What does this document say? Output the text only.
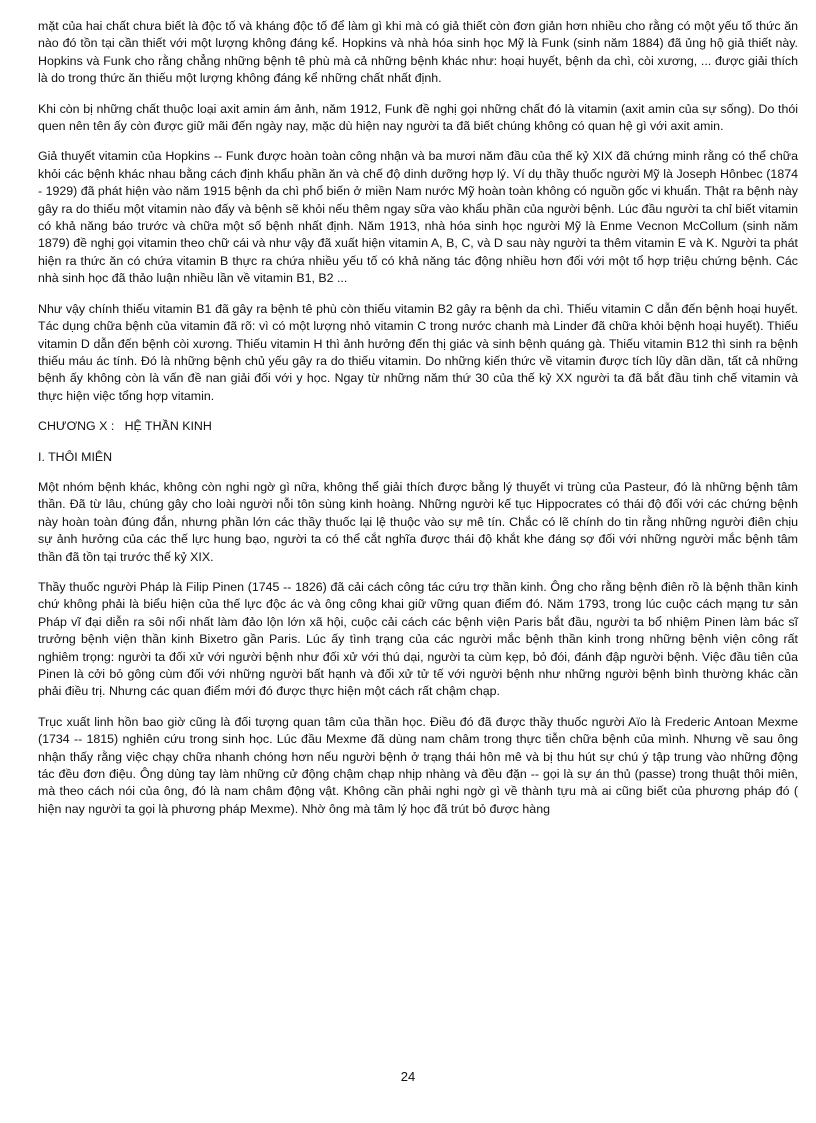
mặt của hai chất chưa biết là độc tố và kháng độc tố để làm gì khi mà có giả thiết còn đơn giản hơn nhiều cho rằng có một yếu tố thức ăn nào đó tồn tại cần thiết với một lượng không đáng kể. Hopkins và nhà hóa sinh học Mỹ là Funk (sinh năm 1884) đã ủng hộ giả thiết này. Hopkins và Funk cho rằng chẳng những bệnh tê phù mà cả những bệnh khác như: hoại huyết, bệnh da chì, còi xương, ... được giải thích là do trong thức ăn thiếu một lượng không đáng kể những chất nhất định.

Khi còn bị những chất thuộc loại axit amin ám ảnh, năm 1912, Funk đề nghị gọi những chất đó là vitamin (axit amin của sự sống). Do thói quen nên tên ấy còn được giữ mãi đến ngày nay, mặc dù hiện nay người ta đã biết chúng không có quan hệ gì với axit amin.

Giả thuyết vitamin của Hopkins -- Funk được hoàn toàn công nhận và ba mươi năm đầu của thế kỷ XIX đã chứng minh rằng có thể chữa khỏi các bệnh khác nhau bằng cách định khẩu phần ăn và chế độ dinh dưỡng hợp lý. Ví dụ thầy thuốc người Mỹ là Joseph Hônbec (1874 - 1929) đã phát hiện vào năm 1915 bệnh da chì phổ biến ở miền Nam nước Mỹ hoàn toàn không có nguồn gốc vi khuẩn. Thật ra bệnh này gây ra do thiếu một vitamin nào đấy và bệnh sẽ khỏi nếu thêm ngay sữa vào khẩu phần của người bệnh. Lúc đầu người ta chỉ biết vitamin có khả năng báo trước và chữa một số bệnh nhất định. Năm 1913, nhà hóa sinh học người Mỹ là Enme Vecnon McCollum (sinh năm 1879) đề nghị gọi vitamin theo chữ cái và như vậy đã xuất hiện vitamin A, B, C, và D sau này người ta thêm vitamin E và K. Người ta phát hiện ra thức ăn có chứa vitamin B thực ra chứa nhiều yếu tố có khả năng tác động nhiều hơn đối với một tổ hợp triệu chứng bệnh. Các nhà sinh học đã thảo luận nhiều lần về vitamin B1, B2 ...

Như vậy chính thiếu vitamin B1 đã gây ra bệnh tê phù còn thiếu vitamin B2 gây ra bệnh da chì. Thiếu vitamin C dẫn đến bệnh hoại huyết. Tác dụng chữa bệnh của vitamin đã rõ: vì có một lượng nhỏ vitamin C trong nước chanh mà Linder đã chữa khỏi bệnh hoại huyết). Thiếu vitamin D dẫn đến bệnh còi xương. Thiếu vitamin H thì ảnh hưởng đến thị giác và sinh bệnh quáng gà. Thiếu vitamin B12 thì sinh ra bệnh thiếu máu ác tính. Đó là những bệnh chủ yếu gây ra do thiếu vitamin. Do những kiến thức về vitamin được tích lũy dần dần, tất cả những bệnh ấy không còn là vấn đề nan giải đối với y học. Ngay từ những năm thứ 30 của thế kỷ XX người ta đã bắt đầu tinh chế vitamin và thực hiện việc tổng hợp vitamin.

CHƯƠNG X :   HỆ THẦN KINH

I. THÔI MIÊN

Một nhóm bệnh khác, không còn nghi ngờ gì nữa, không thể giải thích được bằng lý thuyết vi trùng của Pasteur, đó là những bệnh tâm thần. Đã từ lâu, chúng gây cho loài người nỗi tôn sùng kinh hoàng. Những người kế tục Hippocrates có thái độ đối với các chứng bệnh này hoàn toàn đúng đắn, nhưng phần lớn các thầy thuốc lại lệ thuộc vào sự mê tín. Chắc có lẽ chính do tin rằng những người điên chịu sự ảnh hưởng của các thế lực hung bạo, người ta có thể cắt nghĩa được thái độ khắt khe đáng sợ đối với những người mắc bệnh tâm thần đã tồn tại trước thế kỷ XIX.

Thầy thuốc người Pháp là Filip Pinen (1745 -- 1826) đã cải cách công tác cứu trợ thần kinh. Ông cho rằng bệnh điên rồ là bệnh thần kinh chứ không phải là biểu hiện của thế lực độc ác và ông công khai giữ vững quan điểm đó. Năm 1793, trong lúc cuộc cách mạng tư sản Pháp vĩ đại diễn ra sôi nổi nhất làm đảo lộn lớn xã hội, cuộc cải cách các bệnh viện Paris bắt đầu, người ta bổ nhiệm Pinen làm bác sĩ trưởng bệnh viện thần kinh Bixetro gần Paris. Lúc ấy tình trạng của các người mắc bệnh thần kinh trong những bệnh viện công rất nghiêm trọng: người ta đối xử với người bệnh như đối xử với thú dại, người ta cùm kẹp, bỏ đói, đánh đập người bệnh. Việc đầu tiên của Pinen là cởi bỏ gông cùm đối với những người bất hạnh và đối xử tử tế với người bệnh như những người bệnh bình thường khác cần phải điều trị. Nhưng các quan điểm mới đó được thực hiện một cách rất chậm chạp.

Trục xuất linh hồn bao giờ cũng là đối tượng quan tâm của thần học. Điều đó đã được thầy thuốc người Aïo là Frederic Antoan Mexme (1734 -- 1815) nghiên cứu trong sinh học. Lúc đầu Mexme đã dùng nam châm trong thực tiễn chữa bệnh của mình. Nhưng về sau ông nhận thấy rằng việc chạy chữa nhanh chóng hơn nếu người bệnh ở trạng thái hôn mê và bị thu hút sự chú ý tập trung vào những động tác đều đơn điệu. Ông dùng tay làm những cử động chậm chạp nhịp nhàng và đều đặn -- gọi là sự án thủ (passe) trong thuật thôi miên, mà theo cách nói của ông, đó là nam châm động vật. Không cần phải nghi ngờ gì về thành tựu mà ai cũng biết của phương pháp đó ( hiện nay người ta gọi là phương pháp Mexme). Nhờ ông mà tâm lý học đã trút bỏ được hàng

24
